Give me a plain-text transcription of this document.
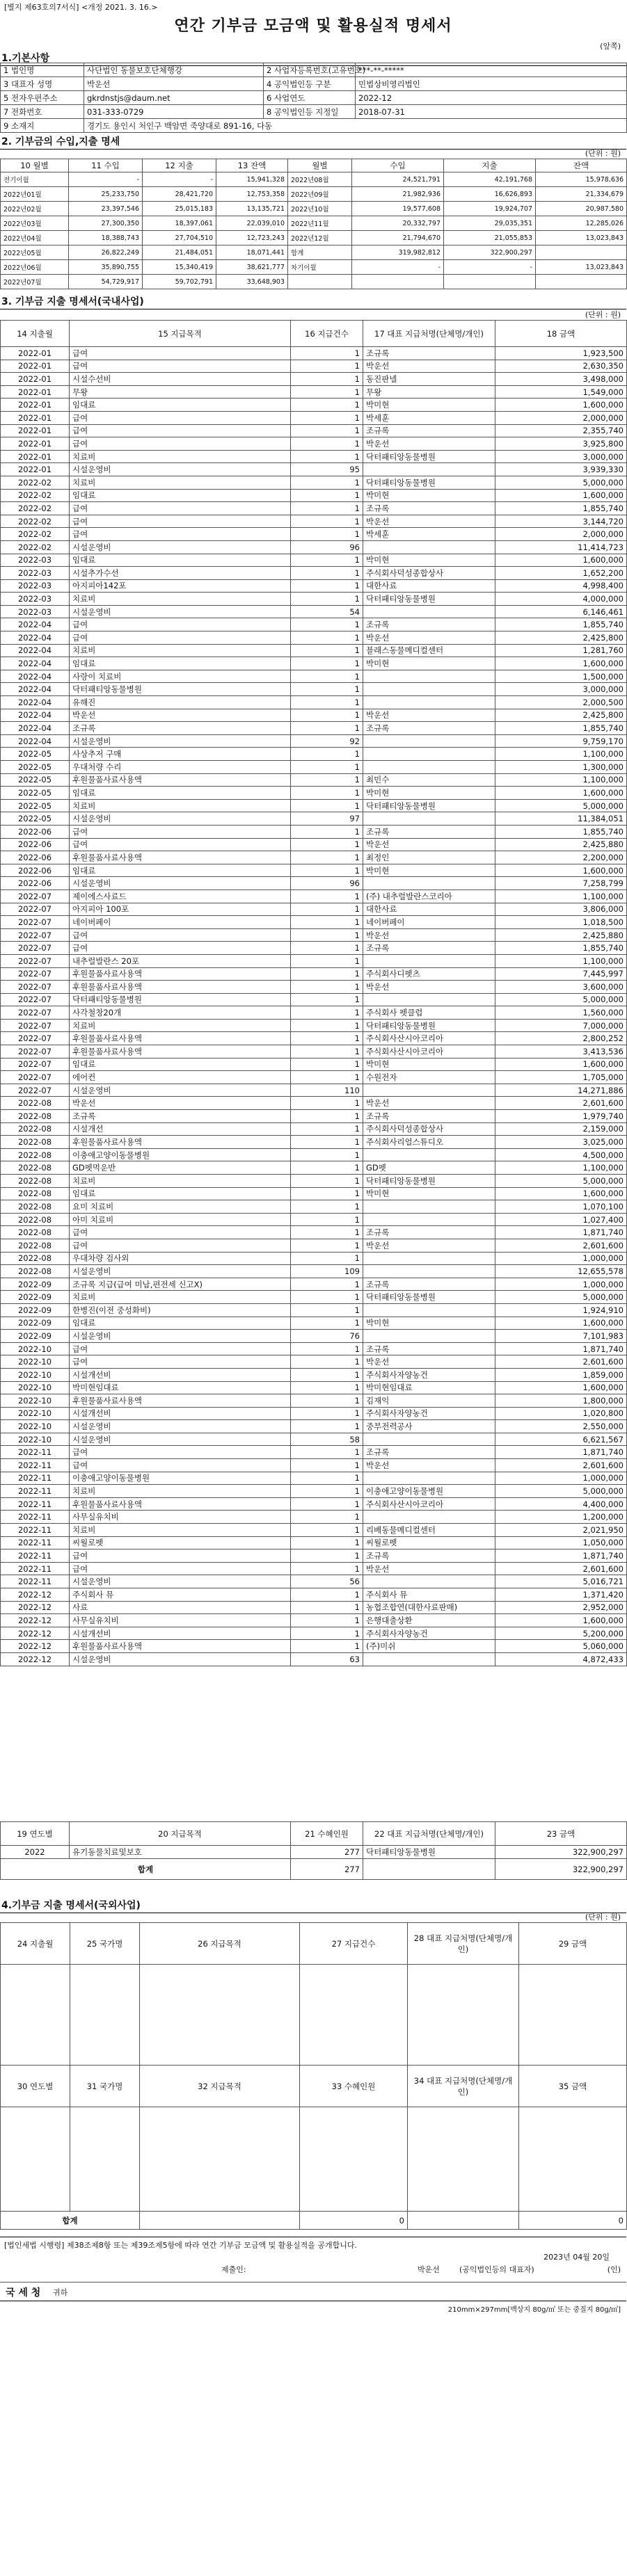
[별지 제63호의7서식] <개정 2021. 3. 16.>
연간 기부금 모금액 및 활용실적 명세서
(앞쪽)
1.기본사항
1 법인명	사단법인 동물보호단체행강	2 사업자등록번호(고유번호)	***-**-*****
3 대표자 성명	박운선	4 공익법인등 구분	민법상비영리법인
5 전자우편주소	gkrdnstjs@daum.net	6 사업연도	2022-12
7 전화번호	031-333-0729	8 공익법인등 지정일	2018-07-31
9 소재지	경기도 용인시 처인구 백암면 죽양대로 891-16, 다동		
2. 기부금의 수입,지출 명세
(단위 : 원)
10 월별	11 수입	12 지출	13 잔액	월별	수입	지출	잔액
전기이월	-	-	15,941,328	2022년08월	24,521,791	42,191,768	15,978,636
2022년01월	25,233,750	28,421,720	12,753,358	2022년09월	21,982,936	16,626,893	21,334,679
2022년02월	23,397,546	25,015,183	13,135,721	2022년10월	19,577,608	19,924,707	20,987,580
2022년03월	27,300,350	18,397,061	22,039,010	2022년11월	20,332,797	29,035,351	12,285,026
2022년04월	18,388,743	27,704,510	12,723,243	2022년12월	21,794,670	21,055,853	13,023,843
2022년05월	26,822,249	21,484,051	18,071,441	합계	319,982,812	322,900,297	
2022년06월	35,890,755	15,340,419	38,621,777	차기이월	-	-	13,023,843
2022년07월	54,729,917	59,702,791	33,648,903				
3. 기부금 지출 명세서(국내사업)
(단위 : 원)
14 지출월	15 지급목적	16 지급건수	17 대표 지급처명(단체명/개인)	18 금액
2022-01	급여	1	조규록	1,923,500
2022-01	급여	1	박운선	2,630,350
2022-01	시설수선비	1	동진판넬	3,498,000
2022-01	무왕	1	무왕	1,549,000
2022-01	임대료	1	박미현	1,600,000
2022-01	급여	1	박세훈	2,000,000
2022-01	급여	1	조규록	2,355,740
2022-01	급여	1	박운선	3,925,800
2022-01	치료비	1	닥터패티앙동물병원	3,000,000
2022-01	시설운영비	95		3,939,330
2022-02	치료비	1	닥터패티앙동물병원	5,000,000
2022-02	임대료	1	박미현	1,600,000
2022-02	급여	1	조규록	1,855,740
2022-02	급여	1	박운선	3,144,720
2022-02	급여	1	박세훈	2,000,000
2022-02	시설운영비	96		11,414,723
2022-03	임대료	1	박미현	1,600,000
2022-03	시설추가수선	1	주식회사덕성종합상사	1,652,200
2022-03	아지피아142포	1	대한사료	4,998,400
2022-03	치료비	1	닥터패티앙동물병원	4,000,000
2022-03	시설운영비	54		6,146,461
2022-04	급여	1	조규록	1,855,740
2022-04	급여	1	박운선	2,425,800
2022-04	치료비	1	블래스동물메디컬센터	1,281,760
2022-04	임대료	1	박미현	1,600,000
2022-04	사랑이 치료비	1		1,500,000
2022-04	닥터패티앙동물병원	1		3,000,000
2022-04	유해진	1		2,000,500
2022-04	박운선	1	박운선	2,425,800
2022-04	조규록	1	조규록	1,855,740
2022-04	시설운영비	92		9,759,170
2022-05	사상추저 구매	1		1,100,000
2022-05	우대처량 수리	1		1,300,000
2022-05	후원물품사료사용액	1	최민수	1,100,000
2022-05	임대료	1	박미현	1,600,000
2022-05	치료비	1	닥터패티앙동물병원	5,000,000
2022-05	시설운영비	97		11,384,051
2022-06	급여	1	조규록	1,855,740
2022-06	급여	1	박운선	2,425,880
2022-06	후원물품사료사용액	1	최정인	2,200,000
2022-06	임대료	1	박미현	1,600,000
2022-06	시설운영비	96		7,258,799
2022-07	제이에스사료드	1	(주) 내추럴발란스코리아	1,100,000
2022-07	아지피아 100포	1	대한사료	3,806,000
2022-07	네이버페이	1	네이버페이	1,018,500
2022-07	급여	1	박운선	2,425,880
2022-07	급여	1	조규록	1,855,740
2022-07	내추럴발란스 20포	1		1,100,000
2022-07	후원물품사료사용액	1	주식회사디펫츠	7,445,997
2022-07	후원물품사료사용액	1	박운선	3,600,000
2022-07	닥터패티앙동물병원	1		5,000,000
2022-07	사각철창20개	1	주식회사 펫클럽	1,560,000
2022-07	치료비	1	닥터패티앙동물병원	7,000,000
2022-07	후원물품사료사용액	1	주식회사산시아코리아	2,800,252
2022-07	후원물품사료사용액	1	주식회사산시아코리아	3,413,536
2022-07	임대료	1	박미현	1,600,000
2022-07	에어컨	1	수원전자	1,705,000
2022-07	시설운영비	110		14,271,886
2022-08	박운선	1	박운선	2,601,600
2022-08	조규록	1	조규록	1,979,740
2022-08	시설개선	1	주식회사덕성종합상사	2,159,000
2022-08	후원물품사료사용액	1	주식회사리얼스튜디오	3,025,000
2022-08	이충애고양이동물병원	1		4,500,000
2022-08	GD펫먹운반	1	GD펫	1,100,000
2022-08	치료비	1	닥터패티앙동물병원	5,000,000
2022-08	임대료	1	박미현	1,600,000
2022-08	요미 치료비	1		1,070,100
2022-08	아미 치료비	1		1,027,400
2022-08	급여	1	조규록	1,871,740
2022-08	급여	1	박운선	2,601,600
2022-08	우대차량 검사외	1		1,000,000
2022-08	시설운영비	109		12,655,578
2022-09	조규록 지급(급여 미납,편전세 신고X)	1	조규록	1,000,000
2022-09	치료비	1	닥터패티앙동물병원	5,000,000
2022-09	한병진(이전 중성화비)	1		1,924,910
2022-09	임대료	1	박미현	1,600,000
2022-09	시설운영비	76		7,101,983
2022-10	급여	1	조규록	1,871,740
2022-10	급여	1	박운선	2,601,600
2022-10	시설개선비	1	주식회사자양농건	1,859,000
2022-10	박미현임대료	1	박미현임대료	1,600,000
2022-10	후원물품사료사용액	1	김재익	1,800,000
2022-10	시설개선비	1	주식회사자양농건	1,020,800
2022-10	시설운영비	1	중부전력공사	2,550,000
2022-10	시설운영비	58		6,621,567
2022-11	급여	1	조규록	1,871,740
2022-11	급여	1	박운선	2,601,600
2022-11	이충애고양이동물병원	1		1,000,000
2022-11	치료비	1	이충애고양이동물병원	5,000,000
2022-11	후원물품사료사용액	1	주식회사산시아코리아	4,400,000
2022-11	사무실유치비	1		1,200,000
2022-11	치료비	1	리베동물메디컬센터	2,021,950
2022-11	씨월로펫	1	씨월로펫	1,050,000
2022-11	급여	1	조규록	1,871,740
2022-11	급여	1	박운선	2,601,600
2022-11	시설운영비	56		5,016,721
2022-12	주식회사 뮤	1	주식회사 뮤	1,371,420
2022-12	사료	1	농협조합연(대한사료판매)	2,952,000
2022-12	사무실유치비	1	은행대출상환	1,600,000
2022-12	시설개선비	1	주식회사자양농건	5,200,000
2022-12	후원물품사료사용액	1	(주)미쉬	5,060,000
2022-12	시설운영비	63		4,872,433
19 연도별	20 지급목적	21 수혜인원	22 대표 지급처명(단체명/개인)	23 금액
2022	유기동물치료및보호	277	닥터패티앙동물병원	322,900,297
합계		277		322,900,297
4.기부금 지출 명세서(국외사업)
(단위 : 원)
24 지출월	25 국가명	26 지급목적	27 지급건수	28 대표 지급처명(단체명/개인)	29 금액

30 연도별	31 국가명	32 지급목적	33 수혜인원	34 대표 지급처명(단체명/개인)	35 금액

합계			0		0
[법인세법 시행령] 제38조제8항 또는 제39조제5항에 따라 연간 기부금 모금액 및 활용실적을 공개합니다.
2023년 04월 20일
제출인:	박운선	(공익법인등의 대표자)	(인)
국 세 청 귀하
210mm×297mm[백상지 80g/㎡ 또는 중질지 80g/㎡]
